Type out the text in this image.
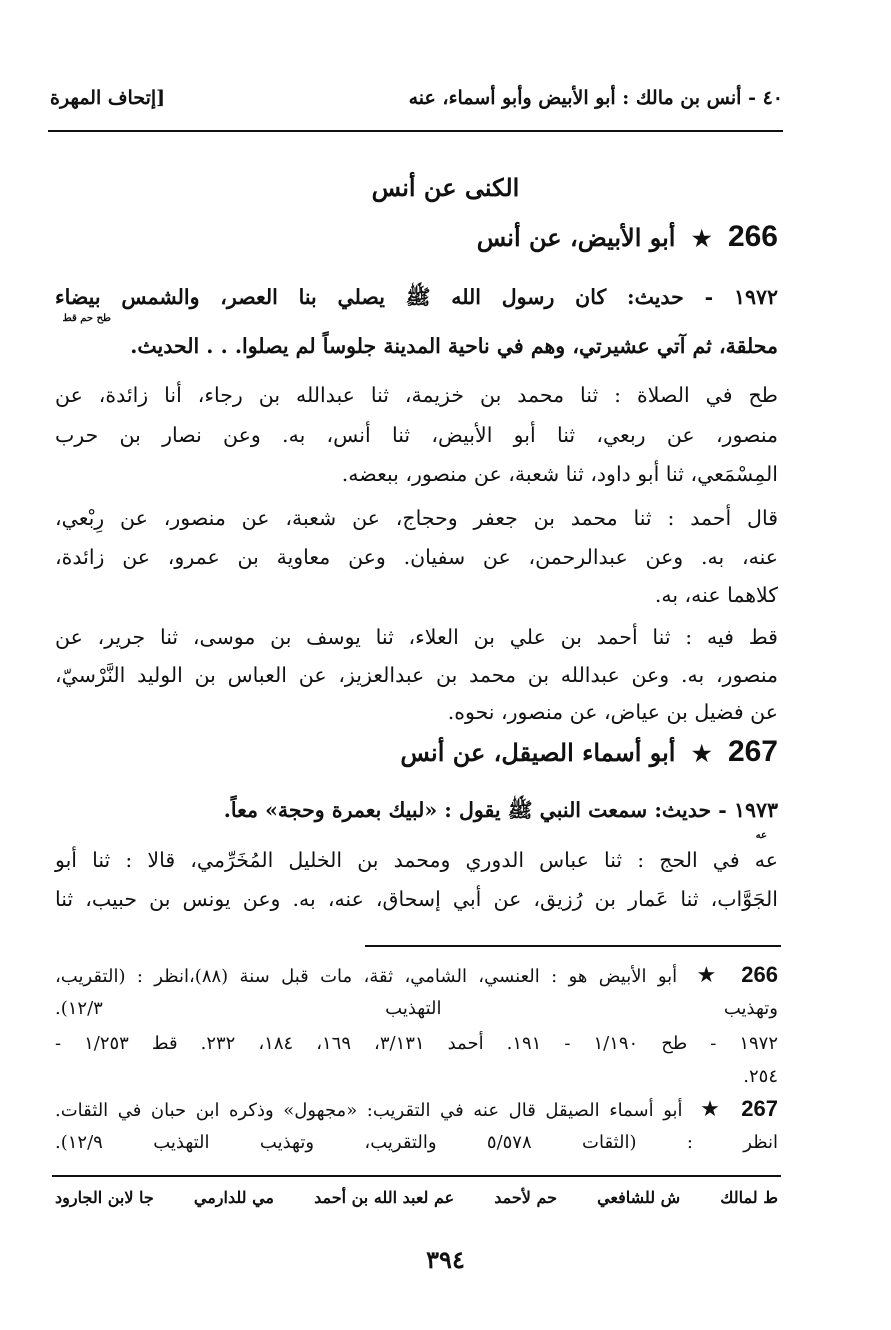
٤٠ - أنس بن مالك : أبو الأبيض وأبو أسماء، عنه
[إتحاف المهرة
الكنى عن أنس
266 ★ أبو الأبيض، عن أنس
١٩٧٢ - حديث: كان رسول الله ﷺ يصلي بنا العصر، والشمس بيضاء
طح حم قط
محلقة، ثم آتي عشيرتي، وهم في ناحية المدينة جلوساً لم يصلوا. . . الحديث.
طح في الصلاة : ثنا محمد بن خزيمة، ثنا عبدالله بن رجاء، أنا زائدة، عن
منصور، عن ربعي، ثنا أبو الأبيض، ثنا أنس، به. وعن نصار بن حرب
المِسْمَعي، ثنا أبو داود، ثنا شعبة، عن منصور، ببعضه.
قال أحمد : ثنا محمد بن جعفر وحجاج، عن شعبة، عن منصور، عن رِبْعي،
عنه، به. وعن عبدالرحمن، عن سفيان. وعن معاوية بن عمرو، عن زائدة،
كلاهما عنه، به.
قط فيه : ثنا أحمد بن علي بن العلاء، ثنا يوسف بن موسى، ثنا جرير، عن
منصور، به. وعن عبدالله بن محمد بن عبدالعزيز، عن العباس بن الوليد النَّرْسيّ،
عن فضيل بن عياض، عن منصور، نحوه.
267 ★ أبو أسماء الصيقل، عن أنس
١٩٧٣ - حديث: سمعت النبي ﷺ يقول : «لبيك بعمرة وحجة» معاً.
عه
عه في الحج : ثنا عباس الدوري ومحمد بن الخليل المُخَرِّمي، قالا : ثنا أبو
الجَوَّاب، ثنا عَمار بن رُزيق، عن أبي إسحاق، عنه، به. وعن يونس بن حبيب، ثنا
266 ★ أبو الأبيض هو : العنسي، الشامي، ثقة، مات قبل سنة (٨٨)،انظر : (التقريب،
وتهذيب التهذيب ١٢/٣).
١٩٧٢ - طح ١/١٩٠ - ١٩١. أحمد ٣/١٣١، ١٦٩، ١٨٤، ٢٣٢. قط ١/٢٥٣ -
٢٥٤.
267 ★ أبو أسماء الصيقل قال عنه في التقريب: «مجهول» وذكره ابن حبان في الثقات.
انظر : (الثقات ٥/٥٧٨ والتقريب، وتهذيب التهذيب ١٢/٩).
ط لمالك
ش للشافعي
حم لأحمد
عم لعبد الله بن أحمد
مي للدارمي
جا لابن الجارود
٣٩٤
